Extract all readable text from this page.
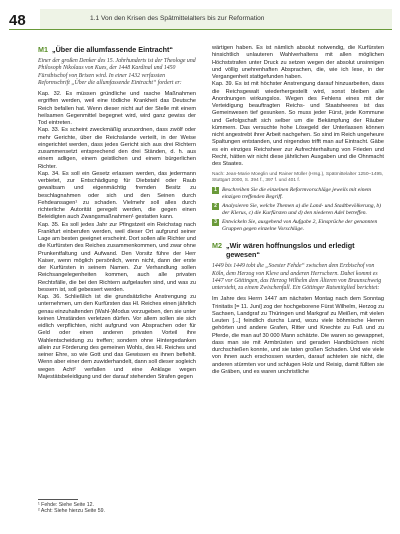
48	1.1 Von den Krisen des Spätmittelalters bis zur Reformation
M1 „Über die allumfassende Eintracht“
Einer der großen Denker des 15. Jahrhunderts ist der Theologe und Philosoph Nikolaus von Kues, der 1448 Kardinal und 1450 Fürstbischof von Brixen wird. In einer 1432 verfassten Reformschrift „Über die allumfassende Eintracht“ fordert er:

Kap. 32. Es müssen gründliche und rasche Maßnahmen ergriffen werden, weil eine tödliche Krankheit das Deutsche Reich befallen hat. Wenn dieser nicht auf der Stelle mit einem heilsamen Gegenmittel begegnet wird, wird ganz gewiss der Tod eintreten.

Kap. 33. Es scheint zweckmäßig anzuordnen, dass zwölf oder mehr Gerichte, über die Reichslande verteilt, in der Weise eingerichtet werden, dass jedes Gericht sich aus drei Richtern zusammensetzt entsprechend den drei Ständen, d. h. aus einem adligen, einem geistlichen und einem bürgerlichen Richter.

Kap. 34. Es soll ein Gesetz erlassen werden, das jedermann verbietet, zur Entschädigung für Diebstahl oder Raub gewaltsam und eigenmächtig fremden Besitz zu beschlagnahmen oder sich und den Seinen durch Fehdeansagen¹ zu schaden. Vielmehr soll alles durch richterliche Autorität geregelt werden, die gegen einen Beleidigten auch Zwangsmaßnahmen¹ gestatten kann.

Kap. 35. Es soll jedes Jahr zur Pfingstzeit ein Reichstag nach Frankfurt einberufen werden, weil dieser Ort aufgrund seiner Lage am besten geeignet erscheint. Dort sollen alle Richter und die Kurfürsten des Reiches zusammenkommen, und zwar ohne Prunkentfaltung und Aufwand. Den Vorsitz führe der Herr Kaiser, wenn möglich persönlich, wenn nicht, dann der erste der Kurfürsten in seinem Namen. Zur Verhandlung sollen Reichsangelegenheiten kommen, auch alle privaten Rechtsfälle, die bei den Richtern aufgelaufen sind, und was zu bessern ist, soll gebessert werden.

Kap. 36. Schließlich ist die grundsätzliche Anstrengung zu unternehmen, um den Kurfürsten das Hl. Reiches einen jährlich genau einzuhaltenden (Wahl-)Modus vorzugeben, den sie unter keinen Umständen verletzen dürfen. Vor allem sollen sie sich eidlich verpflichten, nicht aufgrund von Absprachen oder für Geld oder einen anderen privaten Vorteil ihre Wahlentscheidung zu treffen; sondern ohne Hintergedanken allein zur Förderung des gemeinen Wohls, des Hl. Reiches und seiner Ehre, so wie Gott und das Gewissen es ihnen befiehlt. Wenn aber einer dem zuwiderhandelt, dann soll dieser sogleich wegen Acht² verfallen und eine Anklage wegen Majestätsbeleidigung und der darauf stehenden Strafen gegen

¹ Fehde: Siehe Seite 12.
² Acht: Siehe hierzu Seite 59.

wärtigen haben. Es ist nämlich absolut notwendig, die Kurfürsten hinsichtlich unlauteren Wahlverhaltens mit allen möglichen Höchststrafen unter Druck zu setzen wegen der absolut unsinnigen und völlig unehrenhaften Absprachen, die, wie ich lese, in der Vergangenheit stattgefunden haben.

Kap. 39. Es ist mit höchster Anstrengung darauf hinzuarbeiten, dass die Reichsgewalt wiederhergestellt wird, sonst bleiben alle Anordnungen wirkungslos. Wegen des Fehlens eines mit der Verteidigung beauftragten Reichs- und Staatsheeres ist das Gemeinwesen tief gesunken. So muss jeder Fürst, jede Kommune und Gefolgschaft sich selber um die Bekämpfung der Räuber kümmern. Das versuchte hohe Lösegeld der Unterlassen können nicht angestrebt ihrer Arbeit nachgehen. So sind im Reich ungeheure Spaltungen entstanden, und nirgendwo trifft man auf Eintracht. Gäbe es ein einziges Reichsheer zur Aufrechterhaltung von Frieden und Recht, hätten wir nicht diese jährlichen Ausgaben und die Ohnmacht des Staates.

Nach: Jean-Marie Moeglin und Rainer Müller (Hrsg.), Spätmittelalter 1250–1495, Stuttgart 2000, S. 394 f., 397 f. und 401 f.
1 Beschreiben Sie die einzelnen Reformvorschläge jeweils mit einem einzigen treffenden Begriff.
2 Analysieren Sie, welche Themen a) die Land- und Stadtbevölkerung, b) der Klerus, c) die Kurfürsten und d) den niederen Adel betreffen.
3 Entwickeln Sie, ausgehend von Aufgabe 2, Einsprüche der genannten Gruppen gegen einzelne Vorschläge.
M2 „Wir wären hoffnungslos und erledigt gewesen“
1449 bis 1449 tobt die „Soester Fehde“ zwischen dem Erzbischof von Köln, dem Herzog von Kleve und anderen Herrschern. Dabei kommt es 1447 vor Göttingen, das Herzog Wilhelm dem Älteren von Braunschweig untersteht, zu einem Zwischenfall. Ein Göttinger Ratsmitglied berichtet:

Im Jahre des Herrn 1447 am nächsten Montag nach dem Sonntag Trinitatis [= 11. Juni] zog der hochgeborene Fürst Wilhelm, Herzog zu Sachsen, Landgraf zu Thüringen und Markgraf zu Meißen, mit vielen Leuten [...] feindlich durchs Land, wozu viele böhmische Herren gehörten und andere Grafen, Ritter und Knechte zu Fuß und zu Pferde, die man auf 30 000 Mann schätzte. Die waren so gewappnet, dass man sie mit Armbrüsten und geraden Handbüchsen nicht durchschießen konnte, und sie taten großen Schaden. Und wie viele von ihnen auch erschossen wurden, darauf achteten sie nicht, die anderen stürmten vor und schlugen Holz und Reisig, damit füllten sie die Gräben, und es waren unchristliche
